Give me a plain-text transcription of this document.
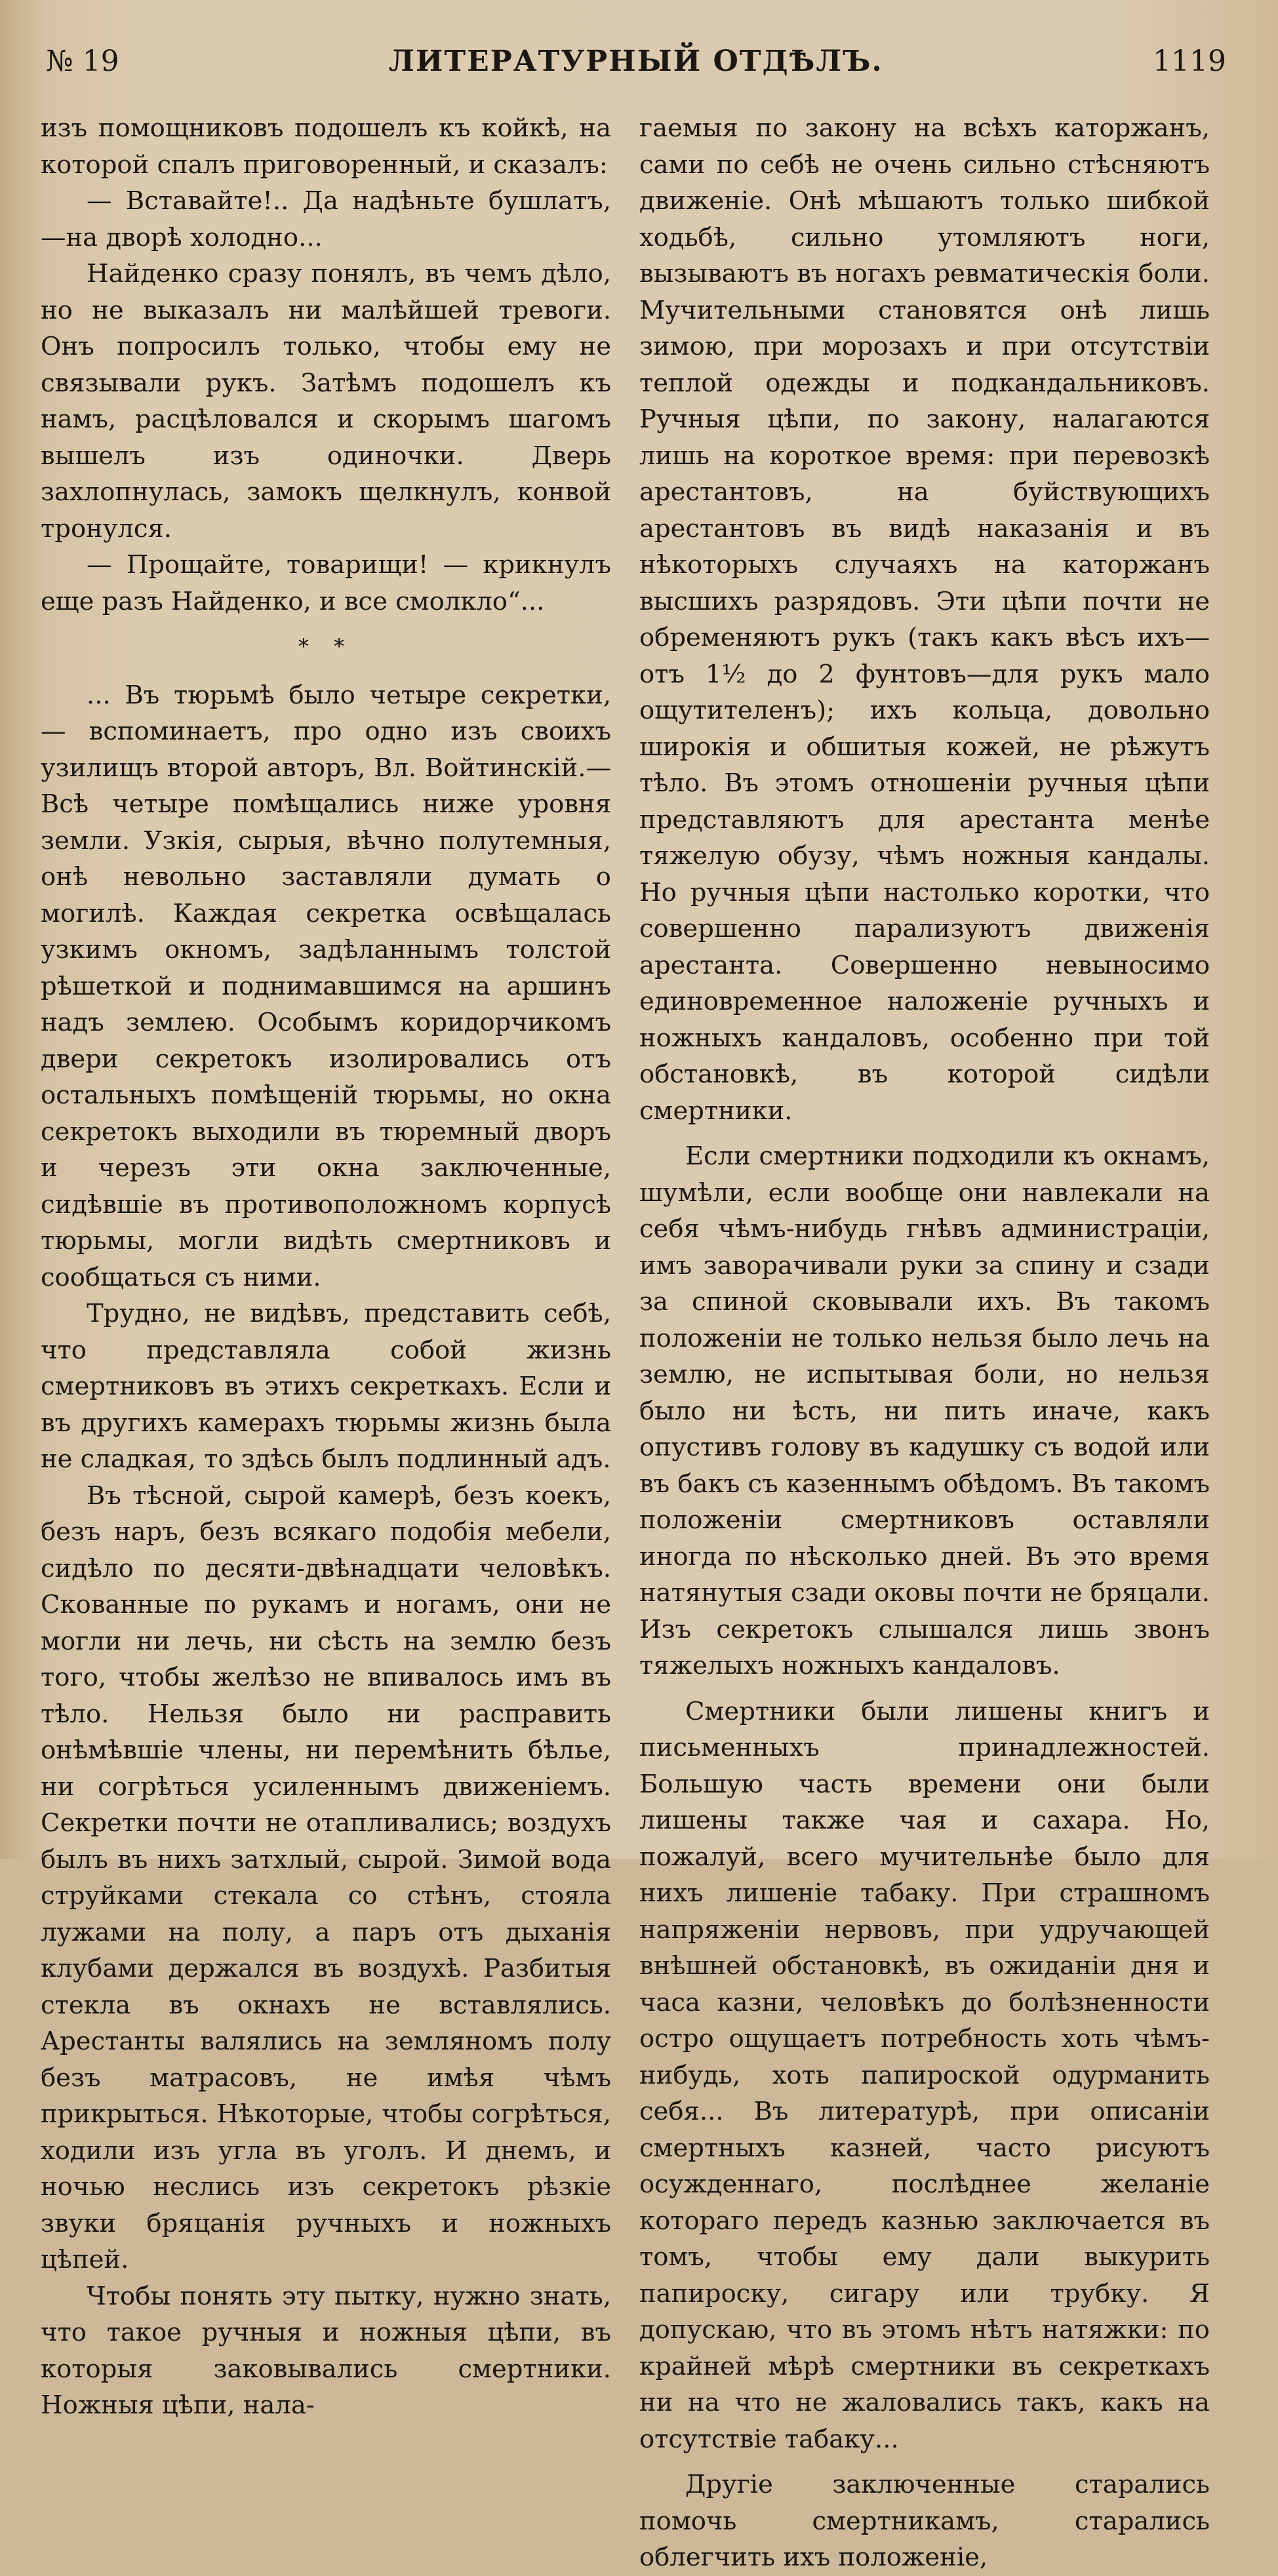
№ 19	ЛИТЕРАТУРНЫЙ ОТДѢЛЪ.	1119

изъ помощниковъ подошелъ къ койкѣ, на которой спалъ приговоренный, и сказалъ:

— Вставайте!.. Да надѣньте бушлатъ,—на дворѣ холодно...

Найденко сразу понялъ, въ чемъ дѣло, но не выказалъ ни малѣйшей тревоги. Онъ попросилъ только, чтобы ему не связывали рукъ. Затѣмъ подошелъ къ намъ, расцѣловался и скорымъ шагомъ вышелъ изъ одиночки. Дверь захлопнулась, замокъ щелкнулъ, конвой тронулся.

— Прощайте, товарищи! — крикнулъ еще разъ Найденко, и все смолкло“...

* *

... Въ тюрьмѣ было четыре секретки, — вспоминаетъ, про одно изъ своихъ узилищъ второй авторъ, Вл. Войтинскій.—Всѣ четыре помѣщались ниже уровня земли. Узкія, сырыя, вѣчно полутемныя, онѣ невольно заставляли думать о могилѣ. Каждая секретка освѣщалась узкимъ окномъ, задѣланнымъ толстой рѣшеткой и поднимавшимся на аршинъ надъ землею. Особымъ коридорчикомъ двери секретокъ изолировались отъ остальныхъ помѣщеній тюрьмы, но окна секретокъ выходили въ тюремный дворъ и черезъ эти окна заключенные, сидѣвшіе въ противоположномъ корпусѣ тюрьмы, могли видѣть смертниковъ и сообщаться съ ними.

Трудно, не видѣвъ, представить себѣ, что представляла собой жизнь смертниковъ въ этихъ секреткахъ. Если и въ другихъ камерахъ тюрьмы жизнь была не сладкая, то здѣсь былъ подлинный адъ.

Въ тѣсной, сырой камерѣ, безъ коекъ, безъ наръ, безъ всякаго подобія мебели, сидѣло по десяти-двѣнадцати человѣкъ. Скованные по рукамъ и ногамъ, они не могли ни лечь, ни сѣсть на землю безъ того, чтобы желѣзо не впивалось имъ въ тѣло. Нельзя было ни расправить онѣмѣвшіе члены, ни перемѣнить бѣлье, ни согрѣться усиленнымъ движеніемъ. Секретки почти не отапливались; воздухъ былъ въ нихъ затхлый, сырой. Зимой вода струйками стекала со стѣнъ, стояла лужами на полу, а паръ отъ дыханія клубами держался въ воздухѣ. Разбитыя стекла въ окнахъ не вставлялись. Арестанты валялись на земляномъ полу безъ матрасовъ, не имѣя чѣмъ прикрыться. Нѣкоторые, чтобы согрѣться, ходили изъ угла въ уголъ. И днемъ, и ночью неслись изъ секретокъ рѣзкіе звуки бряцанія ручныхъ и ножныхъ цѣпей.

Чтобы понять эту пытку, нужно знать, что такое ручныя и ножныя цѣпи, въ которыя заковывались смертники. Ножныя цѣпи, нала-

гаемыя по закону на всѣхъ каторжанъ, сами по себѣ не очень сильно стѣсняютъ движеніе. Онѣ мѣшаютъ только шибкой ходьбѣ, сильно утомляютъ ноги, вызываютъ въ ногахъ ревматическія боли. Мучительными становятся онѣ лишь зимою, при морозахъ и при отсутствіи теплой одежды и подкандальниковъ. Ручныя цѣпи, по закону, налагаются лишь на короткое время: при перевозкѣ арестантовъ, на буйствующихъ арестантовъ въ видѣ наказанія и въ нѣкоторыхъ случаяхъ на каторжанъ высшихъ разрядовъ. Эти цѣпи почти не обременяютъ рукъ (такъ какъ вѣсъ ихъ—отъ 1½ до 2 фунтовъ—для рукъ мало ощутителенъ); ихъ кольца, довольно широкія и обшитыя кожей, не рѣжутъ тѣло. Въ этомъ отношеніи ручныя цѣпи представляютъ для арестанта менѣе тяжелую обузу, чѣмъ ножныя кандалы. Но ручныя цѣпи настолько коротки, что совершенно парализуютъ движенія арестанта. Совершенно невыносимо единовременное наложеніе ручныхъ и ножныхъ кандаловъ, особенно при той обстановкѣ, въ которой сидѣли смертники.

Если смертники подходили къ окнамъ, шумѣли, если вообще они навлекали на себя чѣмъ-нибудь гнѣвъ администраціи, имъ заворачивали руки за спину и сзади за спиной сковывали ихъ. Въ такомъ положеніи не только нельзя было лечь на землю, не испытывая боли, но нельзя было ни ѣсть, ни пить иначе, какъ опустивъ голову въ кадушку съ водой или въ бакъ съ казеннымъ обѣдомъ. Въ такомъ положеніи смертниковъ оставляли иногда по нѣсколько дней. Въ это время натянутыя сзади оковы почти не бряцали. Изъ секретокъ слышался лишь звонъ тяжелыхъ ножныхъ кандаловъ.

Смертники были лишены книгъ и письменныхъ принадлежностей. Большую часть времени они были лишены также чая и сахара. Но, пожалуй, всего мучительнѣе было для нихъ лишеніе табаку. При страшномъ напряженіи нервовъ, при удручающей внѣшней обстановкѣ, въ ожиданіи дня и часа казни, человѣкъ до болѣзненности остро ощущаетъ потребность хоть чѣмъ-нибудь, хоть папироской одурманить себя... Въ литературѣ, при описаніи смертныхъ казней, часто рисуютъ осужденнаго, послѣднее желаніе котораго передъ казнью заключается въ томъ, чтобы ему дали выкурить папироску, сигару или трубку. Я допускаю, что въ этомъ нѣтъ натяжки: по крайней мѣрѣ смертники въ секреткахъ ни на что не жаловались такъ, какъ на отсутствіе табаку...

Другіе заключенные старались помочь смертникамъ, старались облегчить ихъ положеніе,
